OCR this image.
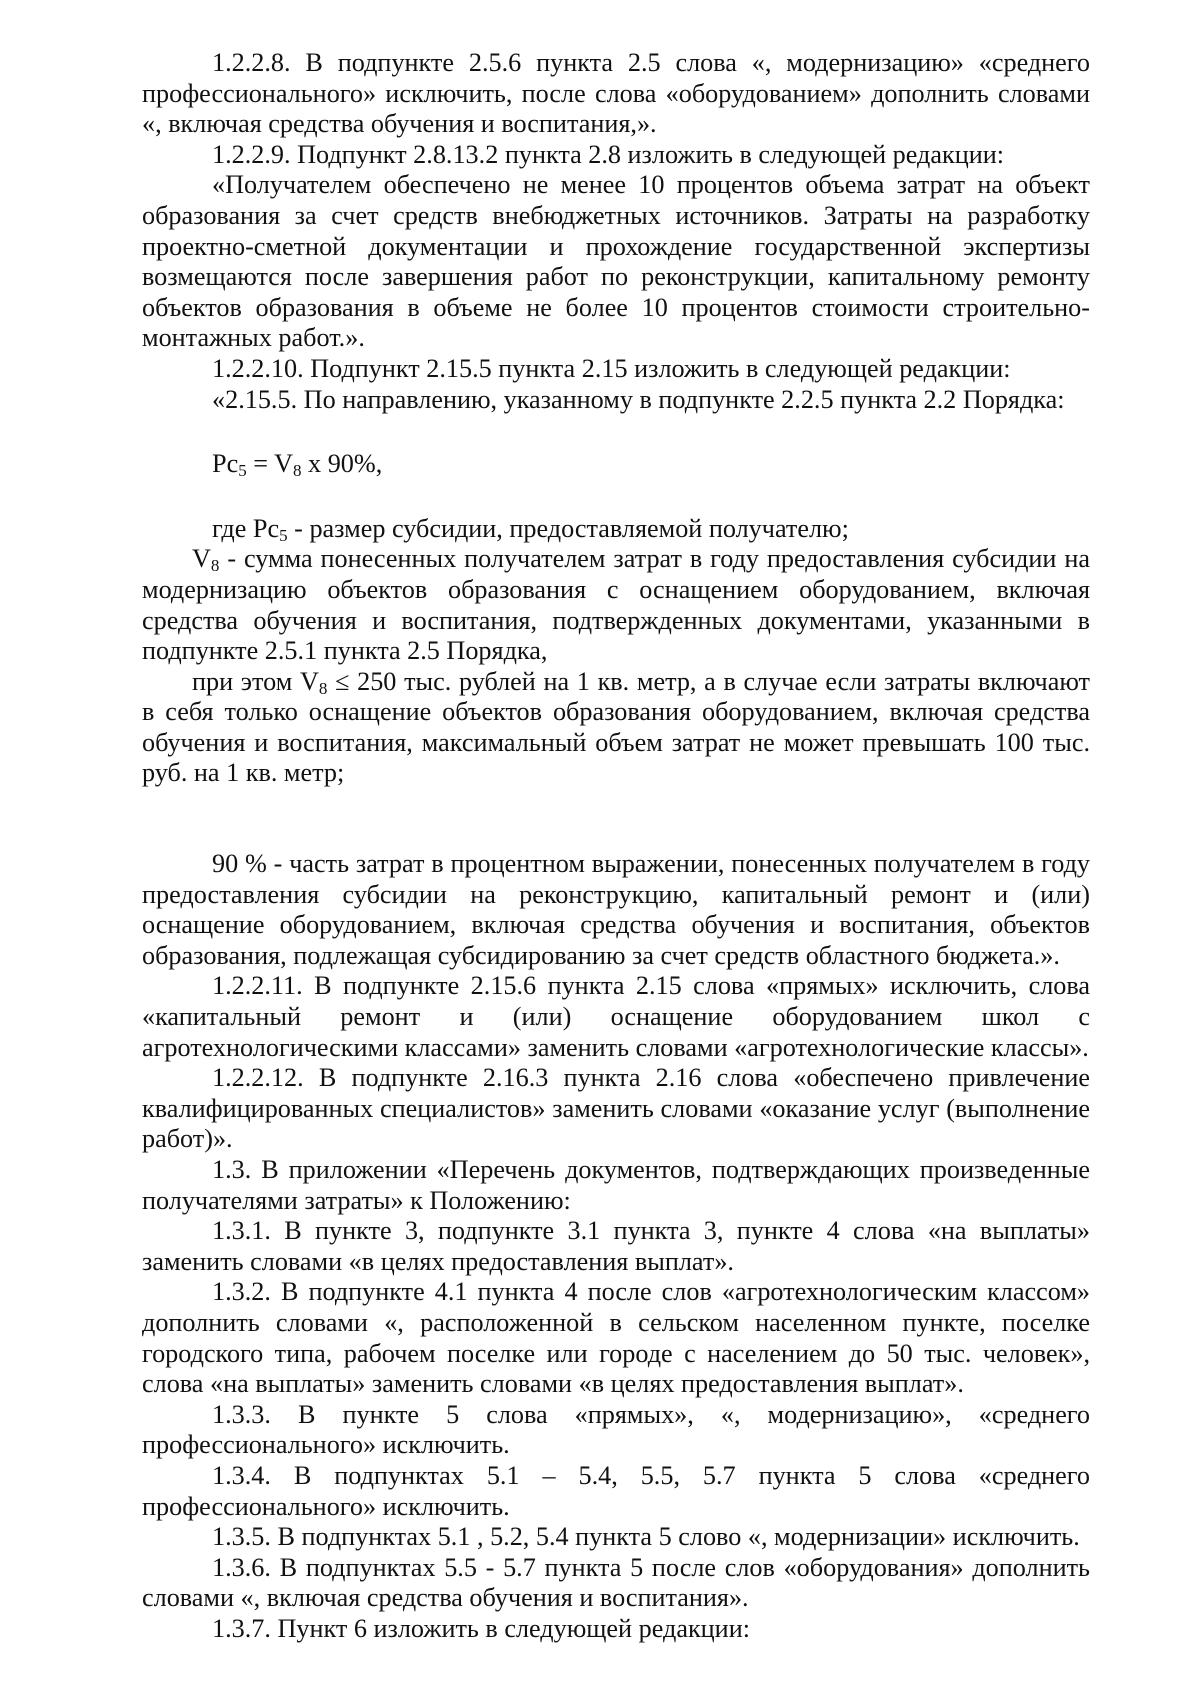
1.2.2.8. В подпункте 2.5.6 пункта 2.5 слова «, модернизацию» «среднего профессионального» исключить, после слова «оборудованием» дополнить словами «, включая средства обучения и воспитания,».

1.2.2.9. Подпункт 2.8.13.2 пункта 2.8 изложить в следующей редакции:

«Получателем обеспечено не менее 10 процентов объема затрат на объект образования за счет средств внебюджетных источников. Затраты на разработку проектно-сметной документации и прохождение государственной экспертизы возмещаются после завершения работ по реконструкции, капитальному ремонту объектов образования в объеме не более 10 процентов стоимости строительно-монтажных работ.».

1.2.2.10. Подпункт 2.15.5 пункта 2.15 изложить в следующей редакции:

«2.15.5. По направлению, указанному в подпункте 2.2.5 пункта 2.2 Порядка:

$Pc_5 = V_8$ x 90%,

где $Pc_5$ - размер субсидии, предоставляемой получателю;

$V_8$ - сумма понесенных получателем затрат в году предоставления субсидии на модернизацию объектов образования с оснащением оборудованием, включая средства обучения и воспитания, подтвержденных документами, указанными в подпункте 2.5.1 пункта 2.5 Порядка,

при этом $V_8 \le 250$ тыс. рублей на 1 кв. метр, а в случае если затраты включают в себя только оснащение объектов образования оборудованием, включая средства обучения и воспитания, максимальный объем затрат не может превышать 100 тыс. руб. на 1 кв. метр;

90 % - часть затрат в процентном выражении, понесенных получателем в году предоставления субсидии на реконструкцию, капитальный ремонт и (или) оснащение оборудованием, включая средства обучения и воспитания, объектов образования, подлежащая субсидированию за счет средств областного бюджета.».

1.2.2.11. В подпункте 2.15.6 пункта 2.15 слова «прямых» исключить, слова «капитальный ремонт и (или) оснащение оборудованием школ с агротехнологическими классами» заменить словами «агротехнологические классы».

1.2.2.12. В подпункте 2.16.3 пункта 2.16 слова «обеспечено привлечение квалифицированных специалистов» заменить словами «оказание услуг (выполнение работ)».

1.3. В приложении «Перечень документов, подтверждающих произведенные получателями затраты» к Положению:

1.3.1. В пункте 3, подпункте 3.1 пункта 3, пункте 4 слова «на выплаты» заменить словами «в целях предоставления выплат».

1.3.2. В подпункте 4.1 пункта 4 после слов «агротехнологическим классом» дополнить словами «, расположенной в сельском населенном пункте, поселке городского типа, рабочем поселке или городе с населением до 50 тыс. человек», слова «на выплаты» заменить словами «в целях предоставления выплат».

1.3.3. В пункте 5 слова «прямых», «, модернизацию», «среднего профессионального» исключить.

1.3.4. В подпунктах 5.1 – 5.4, 5.5, 5.7 пункта 5 слова «среднего профессионального» исключить.

1.3.5. В подпунктах 5.1 , 5.2, 5.4 пункта 5 слово «, модернизации» исключить.

1.3.6. В подпунктах 5.5 - 5.7 пункта 5 после слов «оборудования» дополнить словами «, включая средства обучения и воспитания».

1.3.7. Пункт 6 изложить в следующей редакции:
